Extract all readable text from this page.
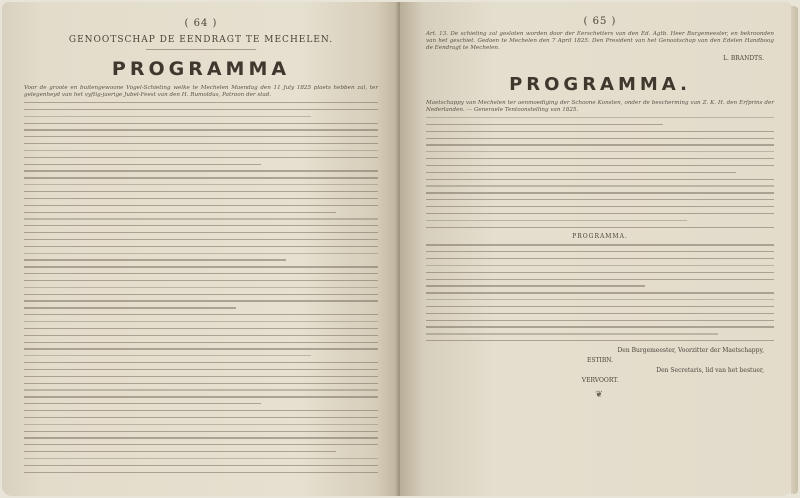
( 64 )
GENOOTSCHAP DE EENDRAGT TE MECHELEN.
PROGRAMMA
Voor de groote en buitengewoone Vogel-Schieting welke te Mechelen Maendag den 11 July 1825 plaets hebben zal, ter gelegenheyd van het vyftig-jaerige Jubel-Feest van den H. Rumoldus, Patroon der stad.
( 65 )
Art. 13. De schieting zal gesloten worden door der Eerschetters van den Ed. Agtb. Heer Burgemeester, en bekroonden van het geschiet. Gedaen te Mechelen den 7 April 1825. Den President van het Genootschap van den Edelen Handboog de Eendragt te Mechelen.
L. BRANDTS.
PROGRAMMA.
Maetschappy van Mechelen ter aenmoediging der Schoone Konsten, onder de bescherming van Z. K. H. den Erfprins der Nederlanden. — Generaele Tentoonstelling van 1825.
PROGRAMMA.
Den Burgemeester, Voorzitter der Maetschappy,
ESTIBN.
Den Secretaris, lid van het bestuer,
VERVOORT.
❦
